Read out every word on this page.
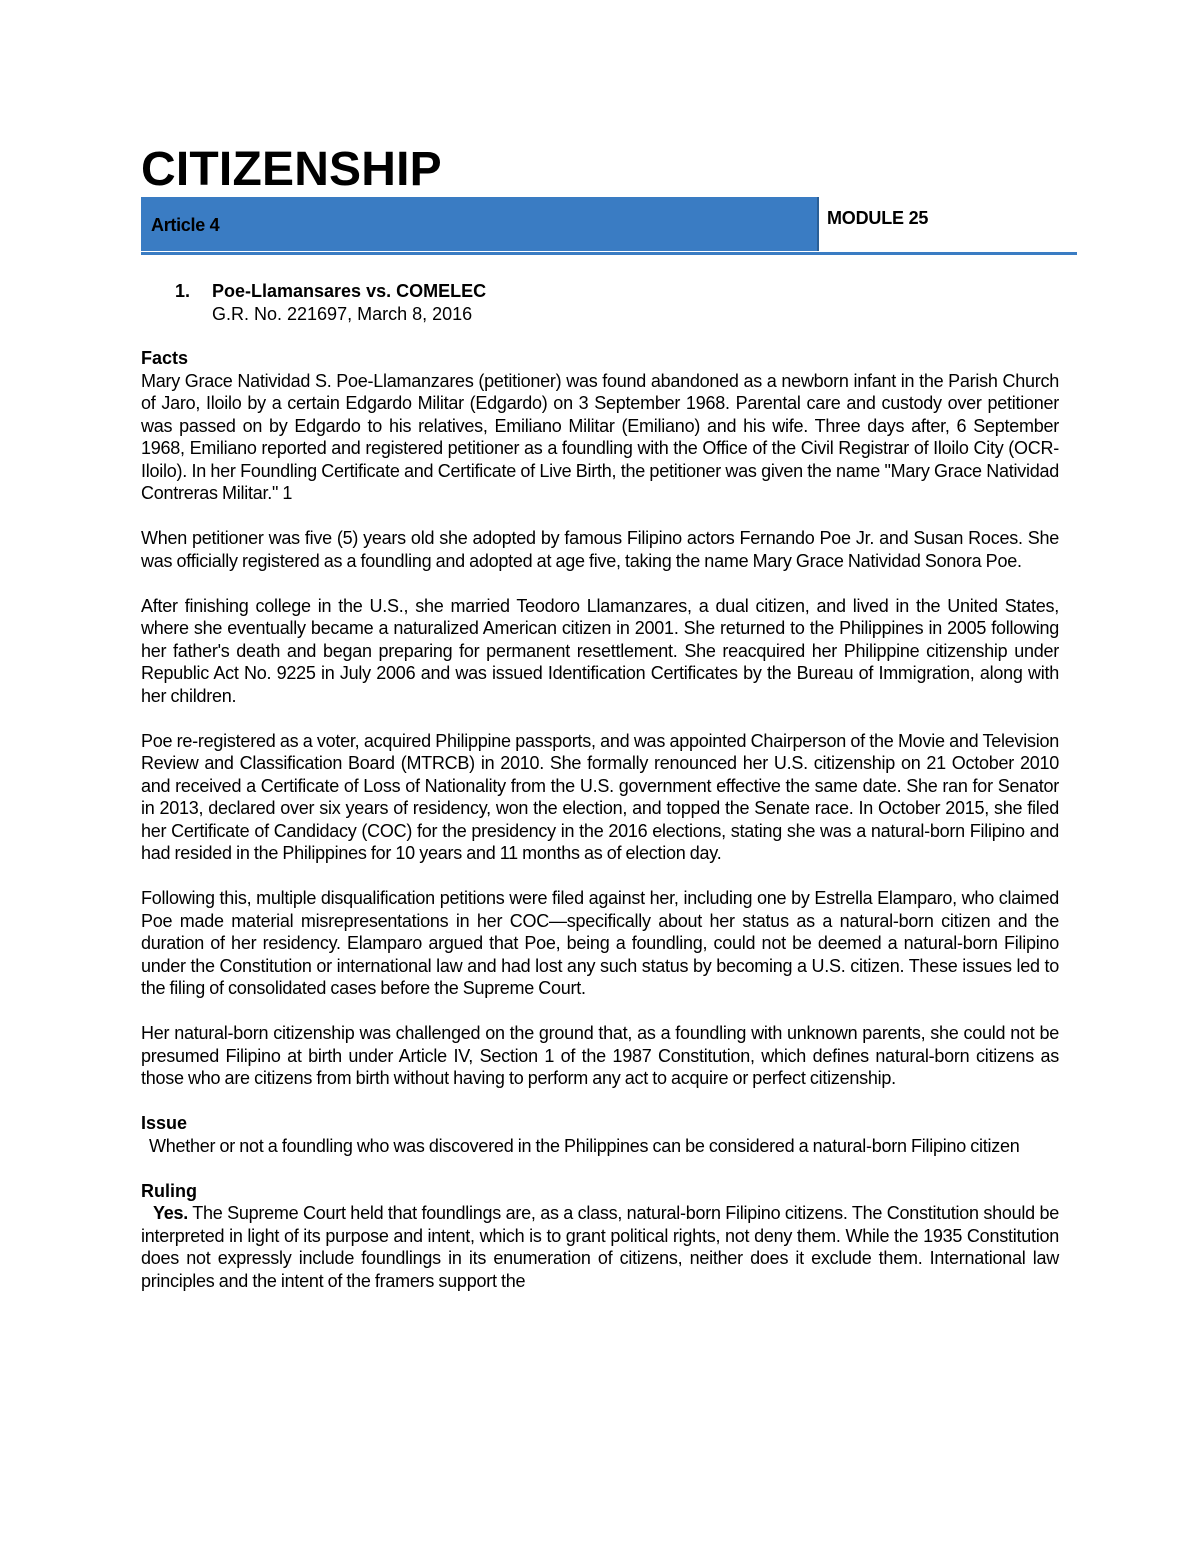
CITIZENSHIP
Article 4	MODULE 25
1. Poe-Llamansares vs. COMELEC
G.R. No. 221697, March 8, 2016

Facts

Mary Grace Natividad S. Poe-Llamanzares (petitioner) was found abandoned as a newborn infant in the Parish Church of Jaro, Iloilo by a certain Edgardo Militar (Edgardo) on 3 September 1968. Parental care and custody over petitioner was passed on by Edgardo to his relatives, Emiliano Militar (Emiliano) and his wife. Three days after, 6 September 1968, Emiliano reported and registered petitioner as a foundling with the Office of the Civil Registrar of Iloilo City (OCR-Iloilo). In her Foundling Certificate and Certificate of Live Birth, the petitioner was given the name "Mary Grace Natividad Contreras Militar." 1

When petitioner was five (5) years old she adopted by famous Filipino actors Fernando Poe Jr. and Susan Roces. She was officially registered as a foundling and adopted at age five, taking the name Mary Grace Natividad Sonora Poe.

After finishing college in the U.S., she married Teodoro Llamanzares, a dual citizen, and lived in the United States, where she eventually became a naturalized American citizen in 2001. She returned to the Philippines in 2005 following her father's death and began preparing for permanent resettlement. She reacquired her Philippine citizenship under Republic Act No. 9225 in July 2006 and was issued Identification Certificates by the Bureau of Immigration, along with her children.

Poe re-registered as a voter, acquired Philippine passports, and was appointed Chairperson of the Movie and Television Review and Classification Board (MTRCB) in 2010. She formally renounced her U.S. citizenship on 21 October 2010 and received a Certificate of Loss of Nationality from the U.S. government effective the same date. She ran for Senator in 2013, declared over six years of residency, won the election, and topped the Senate race. In October 2015, she filed her Certificate of Candidacy (COC) for the presidency in the 2016 elections, stating she was a natural-born Filipino and had resided in the Philippines for 10 years and 11 months as of election day.

Following this, multiple disqualification petitions were filed against her, including one by Estrella Elamparo, who claimed Poe made material misrepresentations in her COC—specifically about her status as a natural-born citizen and the duration of her residency. Elamparo argued that Poe, being a foundling, could not be deemed a natural-born Filipino under the Constitution or international law and had lost any such status by becoming a U.S. citizen. These issues led to the filing of consolidated cases before the Supreme Court.

Her natural-born citizenship was challenged on the ground that, as a foundling with unknown parents, she could not be presumed Filipino at birth under Article IV, Section 1 of the 1987 Constitution, which defines natural-born citizens as those who are citizens from birth without having to perform any act to acquire or perfect citizenship.

Issue

Whether or not a foundling who was discovered in the Philippines can be considered a natural-born Filipino citizen

Ruling

Yes. The Supreme Court held that foundlings are, as a class, natural-born Filipino citizens. The Constitution should be interpreted in light of its purpose and intent, which is to grant political rights, not deny them. While the 1935 Constitution does not expressly include foundlings in its enumeration of citizens, neither does it exclude them. International law principles and the intent of the framers support the
